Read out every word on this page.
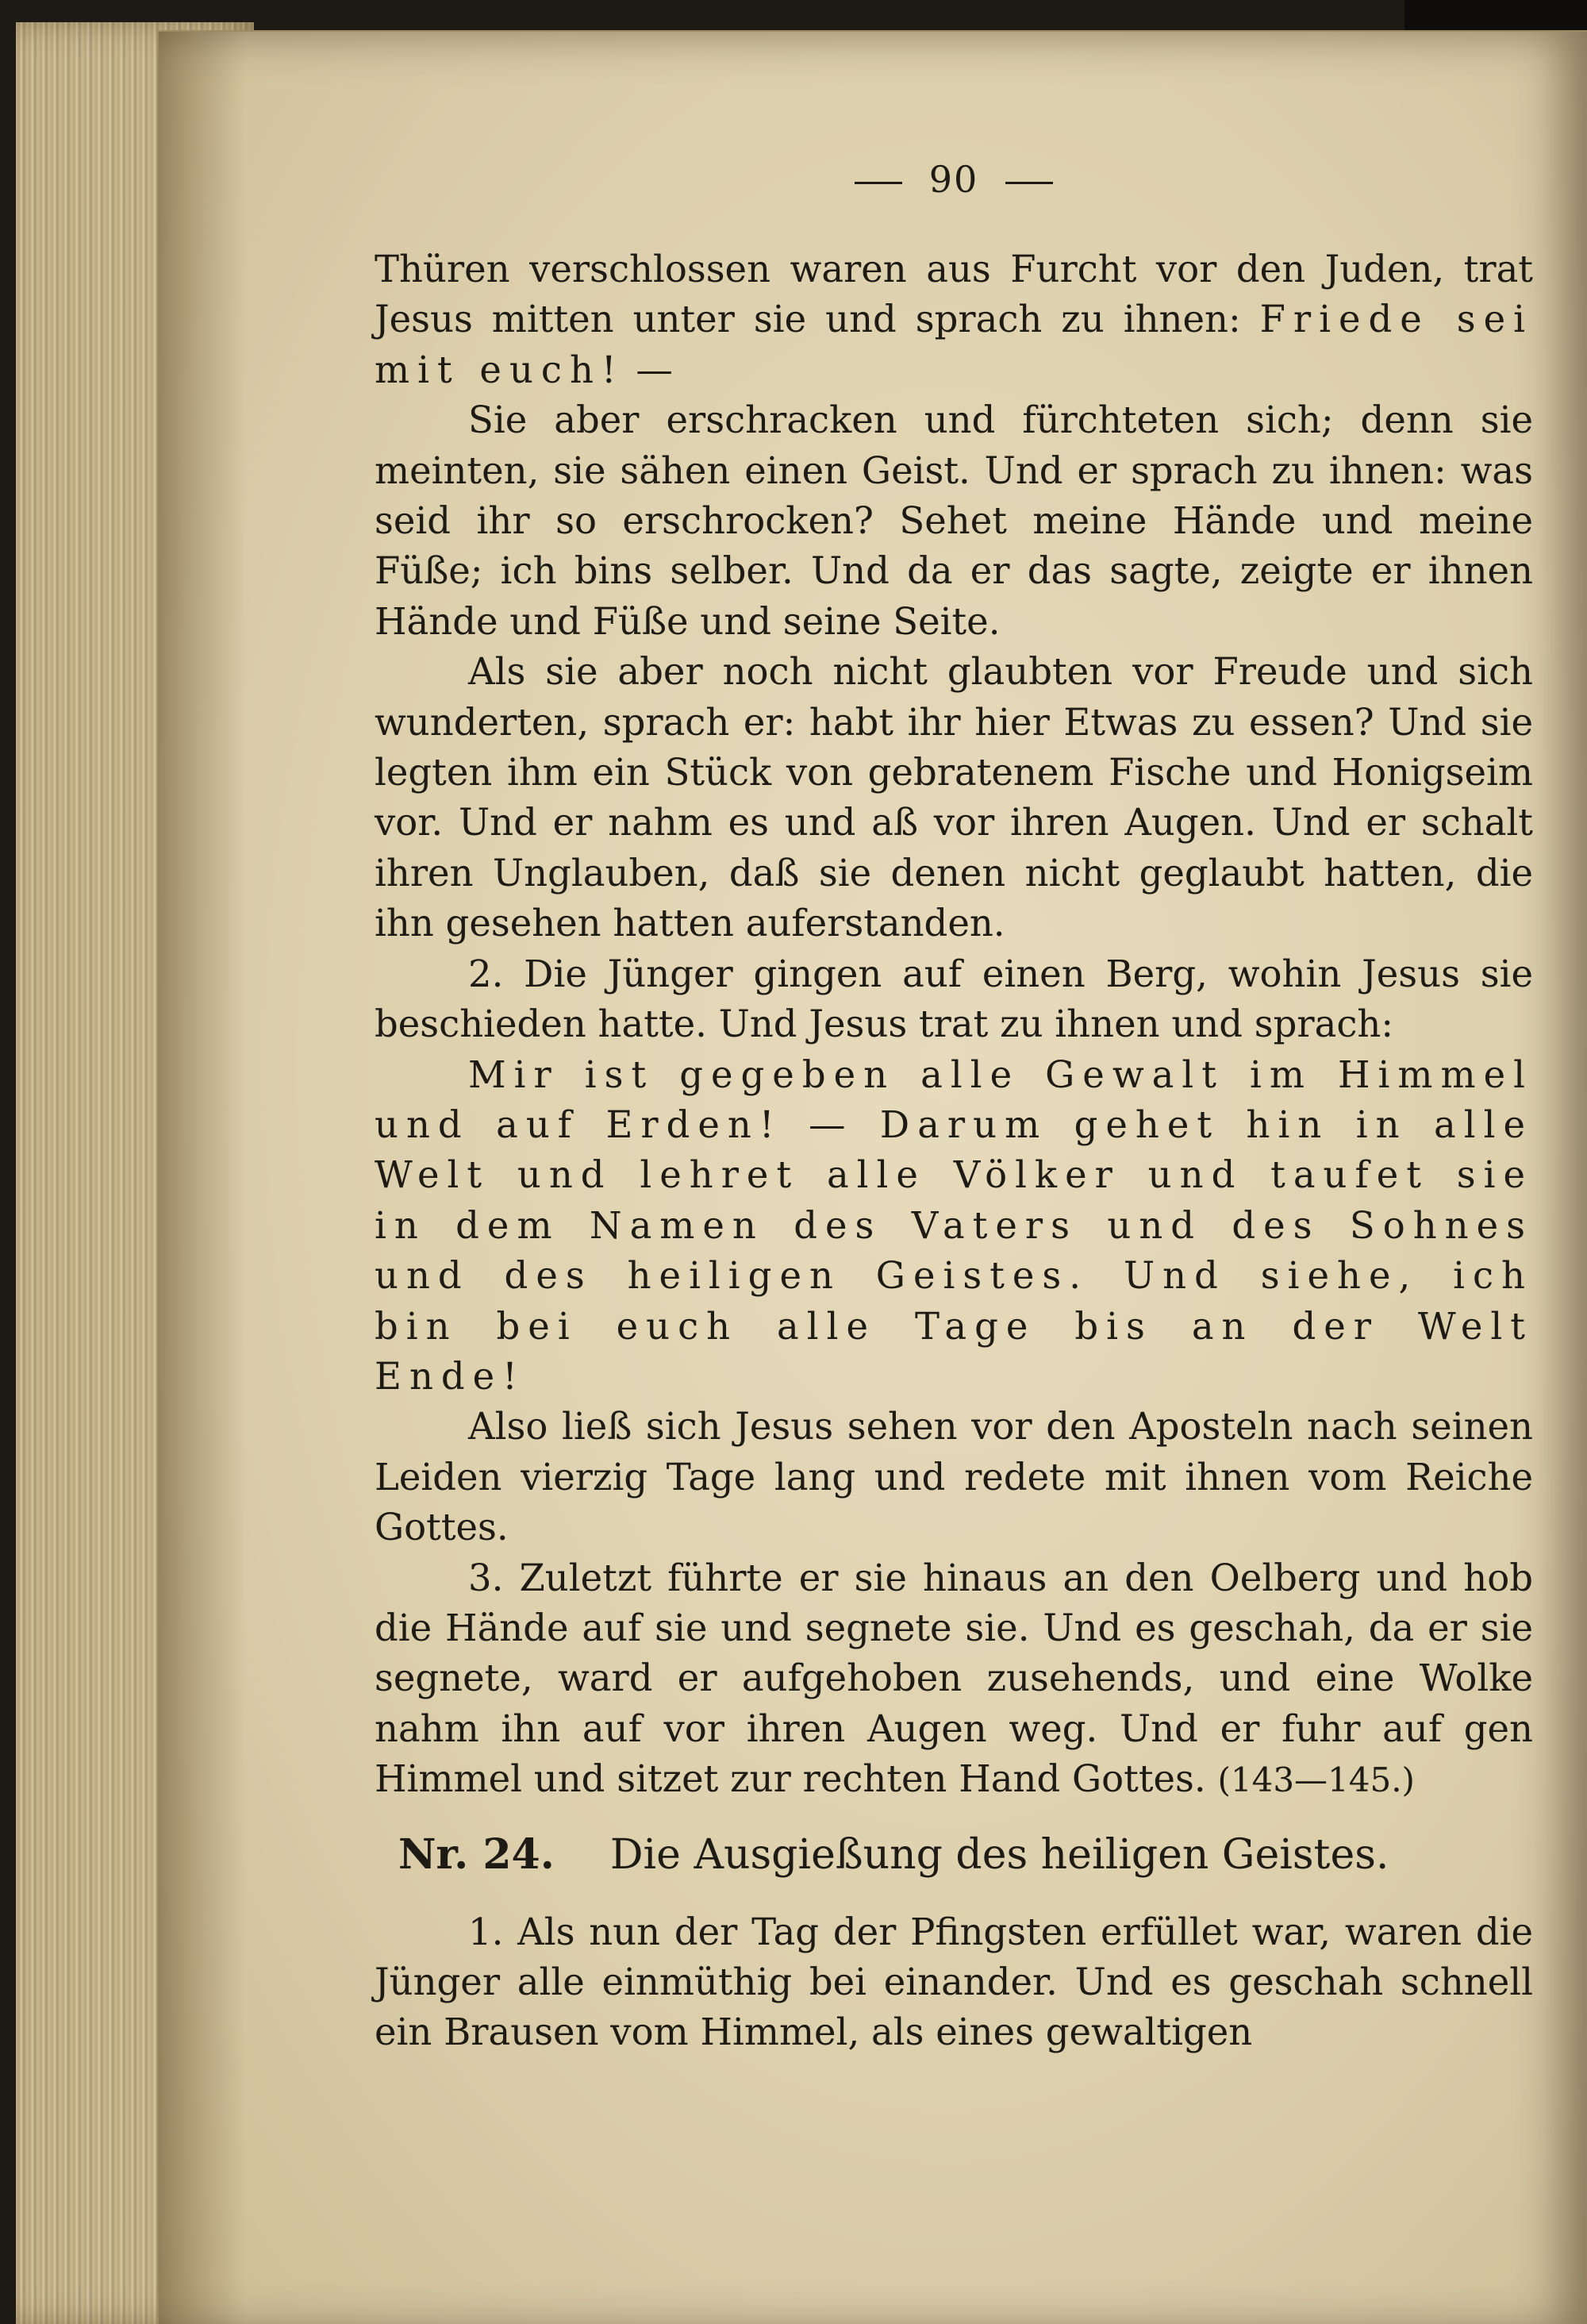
90

Thüren verschlossen waren aus Furcht vor den Juden, trat Jesus mitten unter sie und sprach zu ihnen: Friede sei mit euch! —

Sie aber erschracken und fürchteten sich; denn sie meinten, sie sähen einen Geist. Und er sprach zu ihnen: was seid ihr so erschrocken? Sehet meine Hände und meine Füße; ich bins selber. Und da er das sagte, zeigte er ihnen Hände und Füße und seine Seite.

Als sie aber noch nicht glaubten vor Freude und sich wunderten, sprach er: habt ihr hier Etwas zu essen? Und sie legten ihm ein Stück von gebratenem Fische und Honigseim vor. Und er nahm es und aß vor ihren Augen. Und er schalt ihren Unglauben, daß sie denen nicht geglaubt hatten, die ihn gesehen hatten auferstanden.

2. Die Jünger gingen auf einen Berg, wohin Jesus sie beschieden hatte. Und Jesus trat zu ihnen und sprach:

Mir ist gegeben alle Gewalt im Himmel und auf Erden! — Darum gehet hin in alle Welt und lehret alle Völker und taufet sie in dem Namen des Vaters und des Sohnes und des heiligen Geistes. Und siehe, ich bin bei euch alle Tage bis an der Welt Ende!

Also ließ sich Jesus sehen vor den Aposteln nach seinen Leiden vierzig Tage lang und redete mit ihnen vom Reiche Gottes.

3. Zuletzt führte er sie hinaus an den Oelberg und hob die Hände auf sie und segnete sie. Und es geschah, da er sie segnete, ward er aufgehoben zusehends, und eine Wolke nahm ihn auf vor ihren Augen weg. Und er fuhr auf gen Himmel und sitzet zur rechten Hand Gottes. (143—145.)

Nr. 24. Die Ausgießung des heiligen Geistes.

1. Als nun der Tag der Pfingsten erfüllet war, waren die Jünger alle einmüthig bei einander. Und es geschah schnell ein Brausen vom Himmel, als eines gewaltigen
